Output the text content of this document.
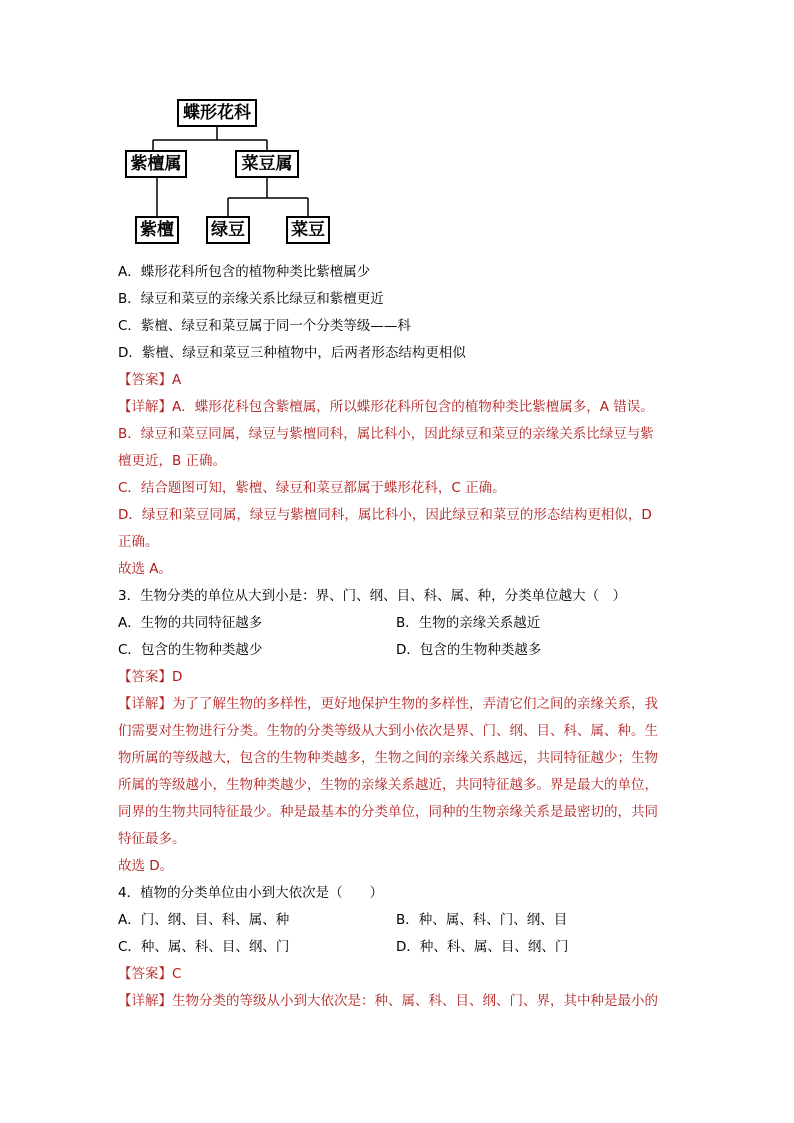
蝶形花科
紫檀属	菜豆属
紫檀 绿豆	菜豆
A．蝶形花科所包含的植物种类比紫檀属少
B．绿豆和菜豆的亲缘关系比绿豆和紫檀更近
C．紫檀、绿豆和菜豆属于同一个分类等级——科
D．紫檀、绿豆和菜豆三种植物中，后两者形态结构更相似
【答案】A
【详解】A．蝶形花科包含紫檀属，所以蝶形花科所包含的植物种类比紫檀属多，A 错误。
B．绿豆和菜豆同属，绿豆与紫檀同科，属比科小，因此绿豆和菜豆的亲缘关系比绿豆与紫
檀更近，B 正确。
C．结合题图可知，紫檀、绿豆和菜豆都属于蝶形花科，C 正确。
D．绿豆和菜豆同属，绿豆与紫檀同科，属比科小，因此绿豆和菜豆的形态结构更相似，D
正确。
故选 A。
3．生物分类的单位从大到小是：界、门、纲、目、科、属、种，分类单位越大（　）
A．生物的共同特征越多	B．生物的亲缘关系越近
C．包含的生物种类越少	D．包含的生物种类越多
【答案】D
【详解】为了了解生物的多样性，更好地保护生物的多样性，弄清它们之间的亲缘关系，我
们需要对生物进行分类。生物的分类等级从大到小依次是界、门、纲、目、科、属、种。生
物所属的等级越大，包含的生物种类越多，生物之间的亲缘关系越远，共同特征越少；生物
所属的等级越小，生物种类越少，生物的亲缘关系越近，共同特征越多。界是最大的单位，
同界的生物共同特征最少。种是最基本的分类单位，同种的生物亲缘关系是最密切的，共同
特征最多。
故选 D。
4．植物的分类单位由小到大依次是（　　）
A．门、纲、目、科、属、种	B．种、属、科、门、纲、目
C．种、属、科、目、纲、门	D．种、科、属、目、纲、门
【答案】C
【详解】生物分类的等级从小到大依次是：种、属、科、目、纲、门、界，其中种是最小的
